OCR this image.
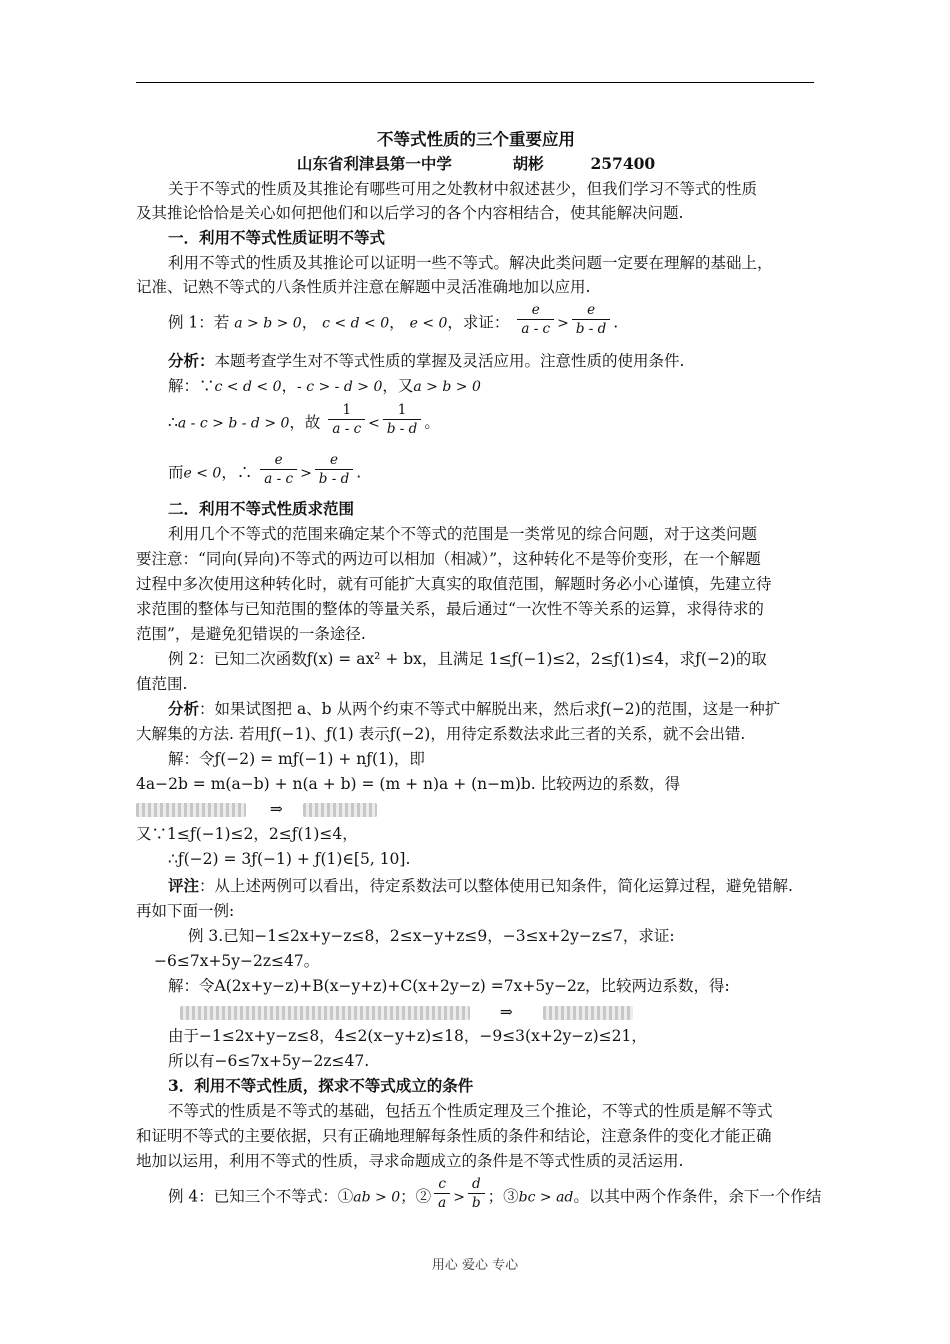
不等式性质的三个重要应用
山东省利津县第一中学	胡彬	257400
关于不等式的性质及其推论有哪些可用之处教材中叙述甚少，但我们学习不等式的性质
及其推论恰恰是关心如何把他们和以后学习的各个内容相结合，使其能解决问题.
一．利用不等式性质证明不等式
利用不等式的性质及其推论可以证明一些不等式。解决此类问题一定要在理解的基础上，
记准、记熟不等式的八条性质并注意在解题中灵活准确地加以应用.
例 1：若 a > b > 0， c < d < 0， e < 0，求证： $\frac{e}{a - c} > \frac{e}{b - d}$ .
分析：本题考查学生对不等式性质的掌握及灵活应用。注意性质的使用条件.
解：∵c < d < 0，- c > - d > 0，又a > b > 0
∴a - c > b - d > 0，故 $\frac{1}{a - c} < \frac{1}{b - d}$ 。
而e < 0，∴ $\frac{e}{a - c} > \frac{e}{b - d}$ .
二．利用不等式性质求范围
利用几个不等式的范围来确定某个不等式的范围是一类常见的综合问题，对于这类问题
要注意：“同向(异向)不等式的两边可以相加（相减）”，这种转化不是等价变形，在一个解题
过程中多次使用这种转化时，就有可能扩大真实的取值范围，解题时务必小心谨慎，先建立待
求范围的整体与已知范围的整体的等量关系，最后通过“一次性不等关系的运算，求得待求的
范围”，是避免犯错误的一条途径.
例 2：已知二次函数ƒ(x) = ax² + bx，且满足 1≤ƒ(−1)≤2，2≤ƒ(1)≤4，求ƒ(−2)的取
值范围.
分析：如果试图把 a、b 从两个约束不等式中解脱出来，然后求ƒ(−2)的范围，这是一种扩
大解集的方法. 若用ƒ(−1)、ƒ(1) 表示ƒ(−2)，用待定系数法求此三者的关系，就不会出错.
解：令ƒ(−2) = mƒ(−1) + nƒ(1)，即
4a−2b = m(a−b) + n(a + b) = (m + n)a + (n−m)b. 比较两边的系数，得
⇒
又∵1≤ƒ(−1)≤2，2≤ƒ(1)≤4，
∴ƒ(−2) = 3ƒ(−1) + ƒ(1)∈[5, 10].
评注：从上述两例可以看出，待定系数法可以整体使用已知条件，简化运算过程，避免错解.
再如下面一例:
例 3.已知−1≤2x+y−z≤8，2≤x−y+z≤9，−3≤x+2y−z≤7，求证:
−6≤7x+5y−2z≤47。
解：令A(2x+y−z)+B(x−y+z)+C(x+2y−z) =7x+5y−2z，比较两边系数，得:
⇒
由于−1≤2x+y−z≤8，4≤2(x−y+z)≤18，−9≤3(x+2y−z)≤21，
所以有−6≤7x+5y−2z≤47.
3．利用不等式性质，探求不等式成立的条件
不等式的性质是不等式的基础，包括五个性质定理及三个推论，不等式的性质是解不等式
和证明不等式的主要依据，只有正确地理解每条性质的条件和结论，注意条件的变化才能正确
地加以运用，利用不等式的性质，寻求命题成立的条件是不等式性质的灵活运用.
例 4：已知三个不等式：①ab > 0；② $\frac{c}{a} > \frac{d}{b}$ ；③bc > ad。以其中两个作条件，余下一个作结
用心 爱心 专心
